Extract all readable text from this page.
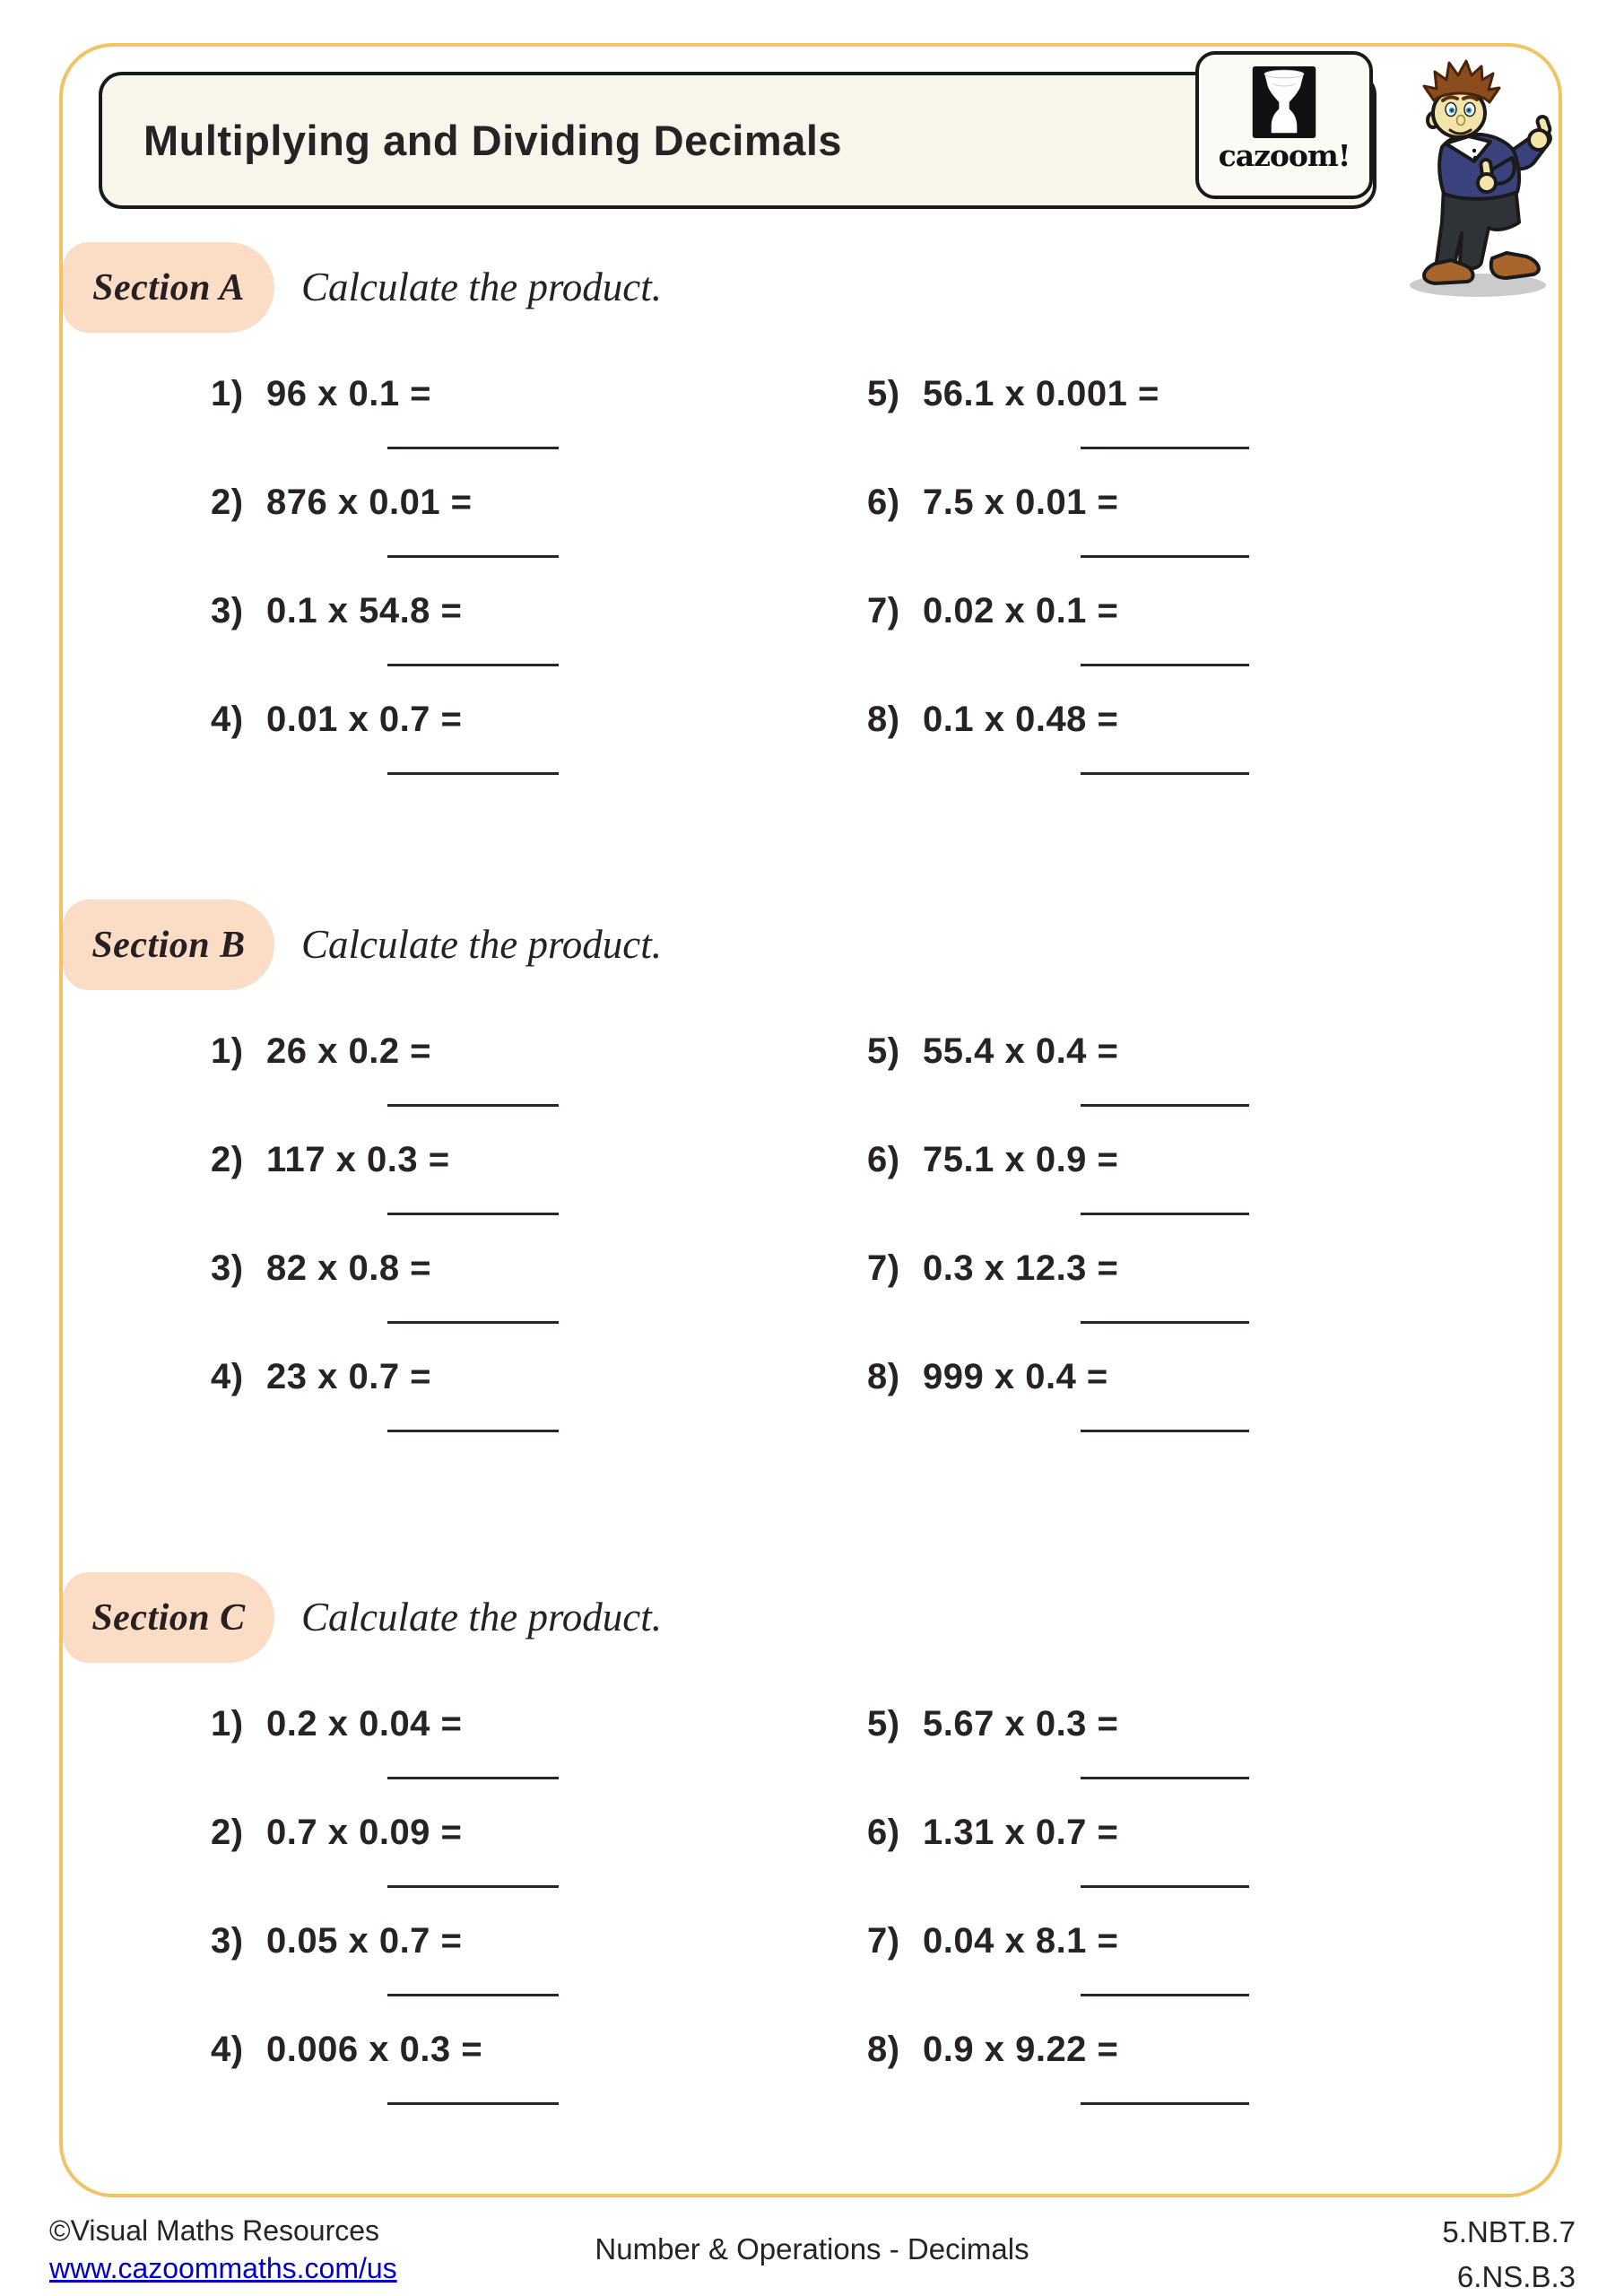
Multiplying and Dividing Decimals	cazoom!
Section A Calculate the product.
1) 96 x 0.1 =
2) 876 x 0.01 =
3) 0.1 x 54.8 =
4) 0.01 x 0.7 =
5) 56.1 x 0.001 =
6) 7.5 x 0.01 =
7) 0.02 x 0.1 =
8) 0.1 x 0.48 =
Section B Calculate the product.
1) 26 x 0.2 =
2) 117 x 0.3 =
3) 82 x 0.8 =
4) 23 x 0.7 =
5) 55.4 x 0.4 =
6) 75.1 x 0.9 =
7) 0.3 x 12.3 =
8) 999 x 0.4 =
Section C Calculate the product.
1) 0.2 x 0.04 =
2) 0.7 x 0.09 =
3) 0.05 x 0.7 =
4) 0.006 x 0.3 =
5) 5.67 x 0.3 =
6) 1.31 x 0.7 =
7) 0.04 x 8.1 =
8) 0.9 x 9.22 =
©Visual Maths Resources
www.cazoommaths.com/us
Number & Operations - Decimals
5.NBT.B.7
6.NS.B.3
